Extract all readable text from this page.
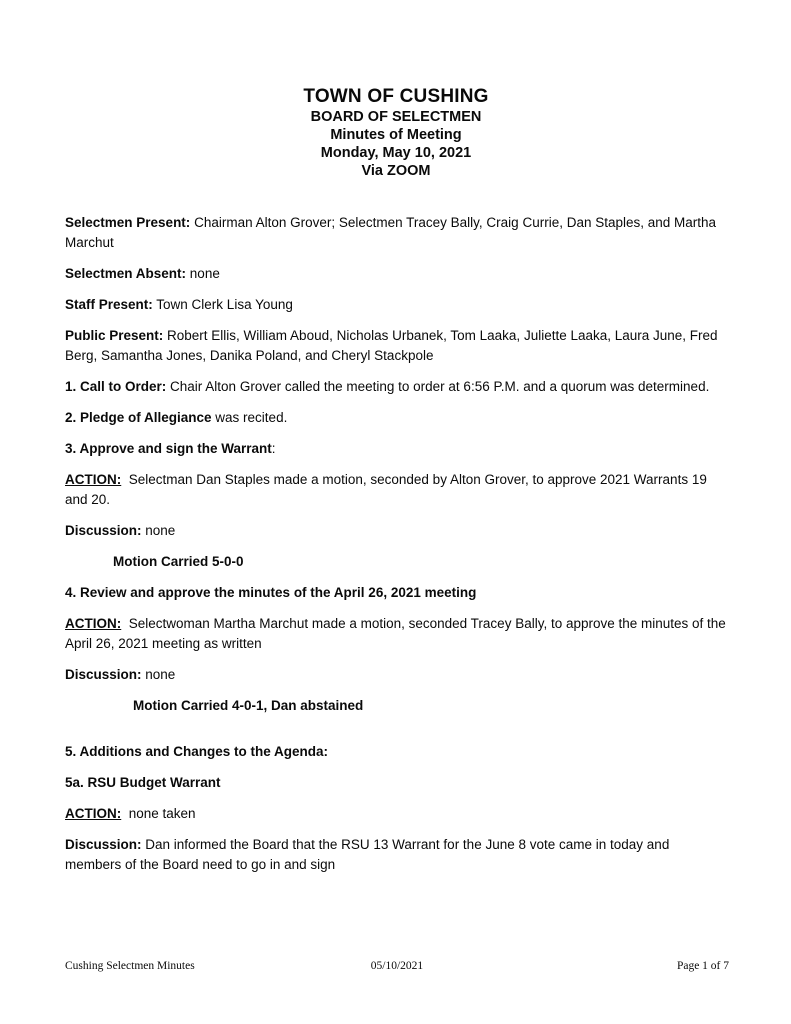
TOWN OF CUSHING
BOARD OF SELECTMEN
Minutes of Meeting
Monday, May 10, 2021
Via ZOOM

Selectmen Present: Chairman Alton Grover; Selectmen Tracey Bally, Craig Currie, Dan Staples, and Martha Marchut

Selectmen Absent: none

Staff Present: Town Clerk Lisa Young

Public Present: Robert Ellis, William Aboud, Nicholas Urbanek, Tom Laaka, Juliette Laaka, Laura June, Fred Berg, Samantha Jones, Danika Poland, and Cheryl Stackpole

1. Call to Order: Chair Alton Grover called the meeting to order at 6:56 P.M. and a quorum was determined.

2. Pledge of Allegiance was recited.

3. Approve and sign the Warrant:

ACTION:  Selectman Dan Staples made a motion, seconded by Alton Grover, to approve 2021 Warrants 19 and 20.

Discussion: none

Motion Carried 5-0-0

4. Review and approve the minutes of the April 26, 2021 meeting

ACTION:  Selectwoman Martha Marchut made a motion, seconded Tracey Bally, to approve the minutes of the April 26, 2021 meeting as written

Discussion: none

Motion Carried 4-0-1, Dan abstained

5. Additions and Changes to the Agenda:

5a. RSU Budget Warrant

ACTION:  none taken

Discussion: Dan informed the Board that the RSU 13 Warrant for the June 8 vote came in today and members of the Board need to go in and sign

Cushing Selectmen Minutes	05/10/2021	Page 1 of 7
